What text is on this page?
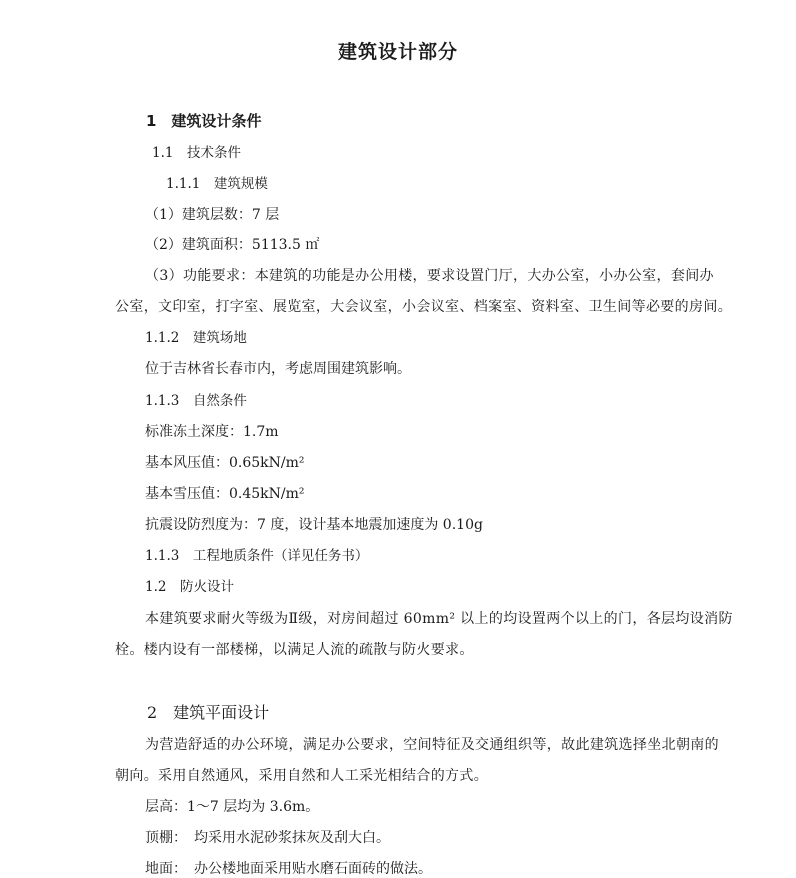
建筑设计部分
1　建筑设计条件
1.1　技术条件
1.1.1　建筑规模
（1）建筑层数：7 层
（2）建筑面积：5113.5 ㎡
（3）功能要求：本建筑的功能是办公用楼，要求设置门厅，大办公室，小办公室，套间办
公室，文印室，打字室、展览室，大会议室，小会议室、档案室、资料室、卫生间等必要的房间。
1.1.2　建筑场地
位于吉林省长春市内，考虑周围建筑影响。
1.1.3　自然条件
标准冻土深度：1.7m
基本风压值：0.65kN/m²
基本雪压值：0.45kN/m²
抗震设防烈度为：7 度，设计基本地震加速度为 0.10g
1.1.3　工程地质条件（详见任务书）
1.2　防火设计
本建筑要求耐火等级为Ⅱ级，对房间超过 60mm² 以上的均设置两个以上的门，各层均设消防
栓。楼内设有一部楼梯，以满足人流的疏散与防火要求。
2　建筑平面设计
为营造舒适的办公环境，满足办公要求，空间特征及交通组织等，故此建筑选择坐北朝南的
朝向。采用自然通风，采用自然和人工采光相结合的方式。
层高：1～7 层均为 3.6m。
顶棚：　均采用水泥砂浆抹灰及刮大白。
地面：　办公楼地面采用贴水磨石面砖的做法。
